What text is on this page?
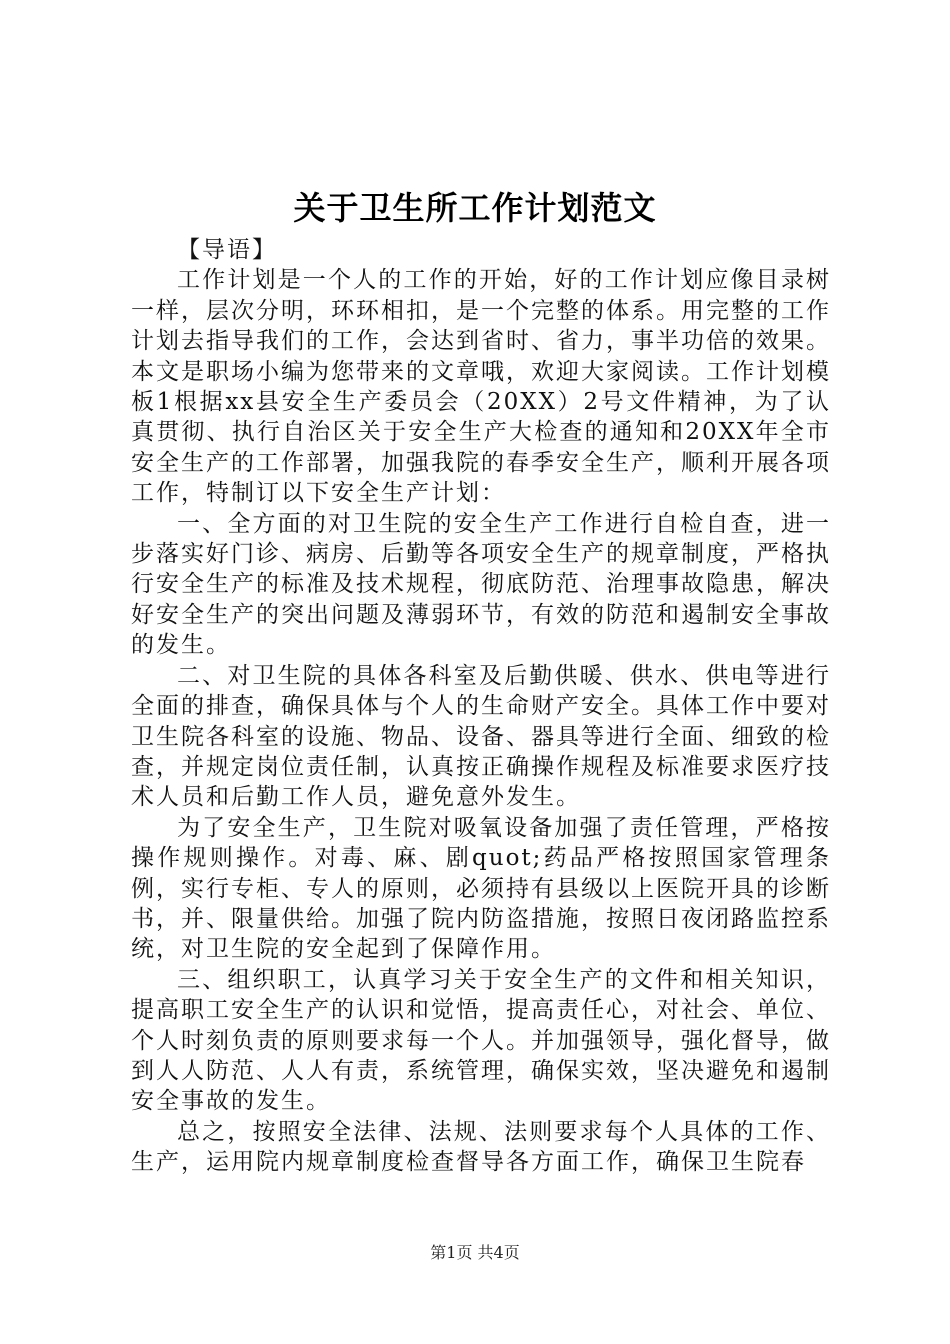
关于卫生所工作计划范文

【导语】

工作计划是一个人的工作的开始，好的工作计划应像目录树一样，层次分明，环环相扣，是一个完整的体系。用完整的工作计划去指导我们的工作，会达到省时、省力，事半功倍的效果。本文是职场小编为您带来的文章哦，欢迎大家阅读。工作计划模板1根据xx县安全生产委员会（20XX）2号文件精神，为了认真贯彻、执行自治区关于安全生产大检查的通知和20XX年全市安全生产的工作部署，加强我院的春季安全生产，顺利开展各项工作，特制订以下安全生产计划：

一、全方面的对卫生院的安全生产工作进行自检自查，进一步落实好门诊、病房、后勤等各项安全生产的规章制度，严格执行安全生产的标准及技术规程，彻底防范、治理事故隐患，解决好安全生产的突出问题及薄弱环节，有效的防范和遏制安全事故的发生。

二、对卫生院的具体各科室及后勤供暖、供水、供电等进行全面的排查，确保具体与个人的生命财产安全。具体工作中要对卫生院各科室的设施、物品、设备、器具等进行全面、细致的检查，并规定岗位责任制，认真按正确操作规程及标准要求医疗技术人员和后勤工作人员，避免意外发生。

为了安全生产，卫生院对吸氧设备加强了责任管理，严格按操作规则操作。对毒、麻、剧quot;药品严格按照国家管理条例，实行专柜、专人的原则，必须持有县级以上医院开具的诊断书，并、限量供给。加强了院内防盗措施，按照日夜闭路监控系统，对卫生院的安全起到了保障作用。

三、组织职工，认真学习关于安全生产的文件和相关知识，提高职工安全生产的认识和觉悟，提高责任心，对社会、单位、个人时刻负责的原则要求每一个人。并加强领导，强化督导，做到人人防范、人人有责，系统管理，确保实效，坚决避免和遏制安全事故的发生。

总之，按照安全法律、法规、法则要求每个人具体的工作、生产，运用院内规章制度检查督导各方面工作，确保卫生院春

第1页 共4页
